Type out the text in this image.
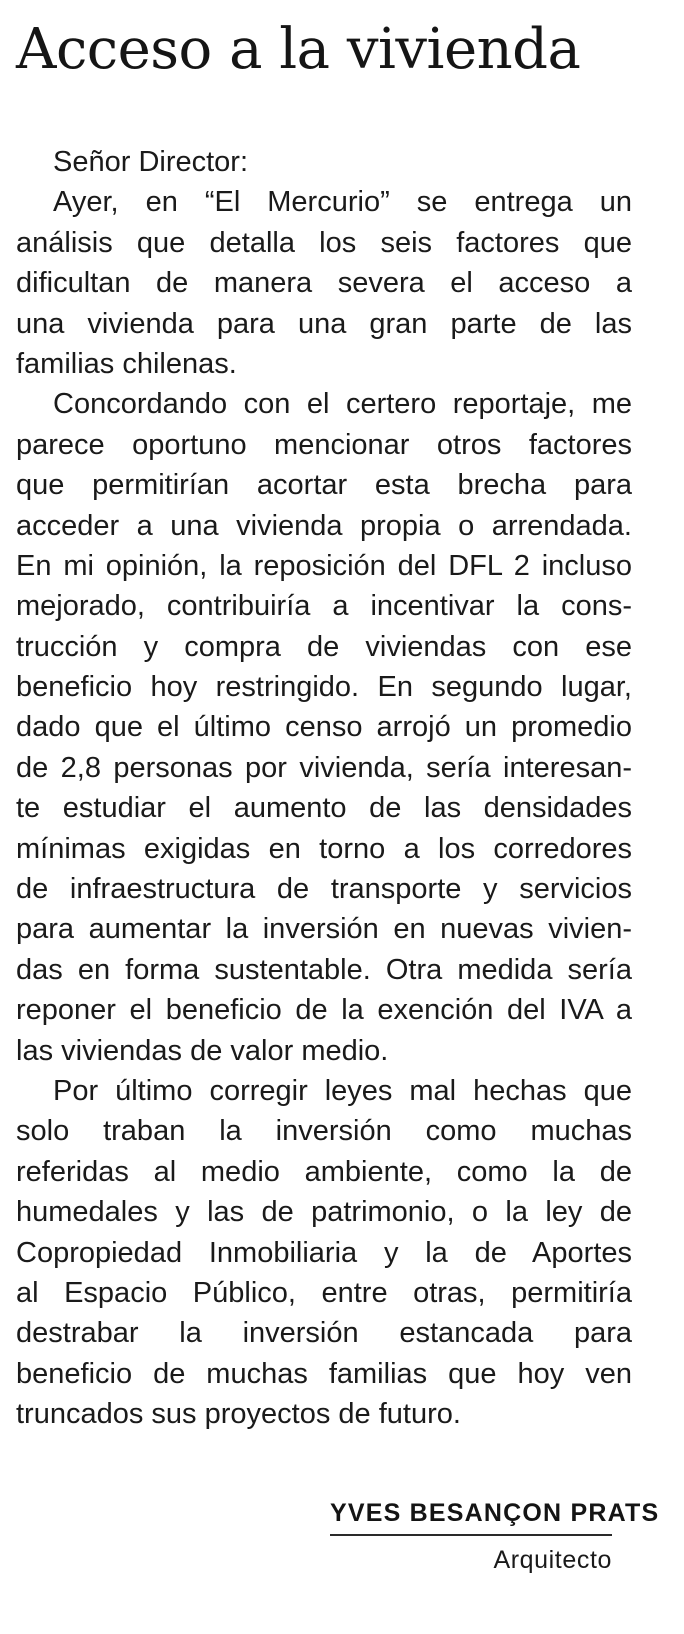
Acceso a la vivienda
Señor Director:
Ayer, en “El Mercurio” se entrega un
análisis que detalla los seis factores que
dificultan de manera severa el acceso a
una vivienda para una gran parte de las
familias chilenas.
Concordando con el certero reportaje, me
parece oportuno mencionar otros factores
que permitirían acortar esta brecha para
acceder a una vivienda propia o arrendada.
En mi opinión, la reposición del DFL 2 incluso
mejorado, contribuiría a incentivar la cons-
trucción y compra de viviendas con ese
beneficio hoy restringido. En segundo lugar,
dado que el último censo arrojó un promedio
de 2,8 personas por vivienda, sería interesan-
te estudiar el aumento de las densidades
mínimas exigidas en torno a los corredores
de infraestructura de transporte y servicios
para aumentar la inversión en nuevas vivien-
das en forma sustentable. Otra medida sería
reponer el beneficio de la exención del IVA a
las viviendas de valor medio.
Por último corregir leyes mal hechas que
solo traban la inversión como muchas
referidas al medio ambiente, como la de
humedales y las de patrimonio, o la ley de
Copropiedad Inmobiliaria y la de Aportes
al Espacio Público, entre otras, permitiría
destrabar la inversión estancada para
beneficio de muchas familias que hoy ven
truncados sus proyectos de futuro.
YVES BESANÇON PRATS
Arquitecto
